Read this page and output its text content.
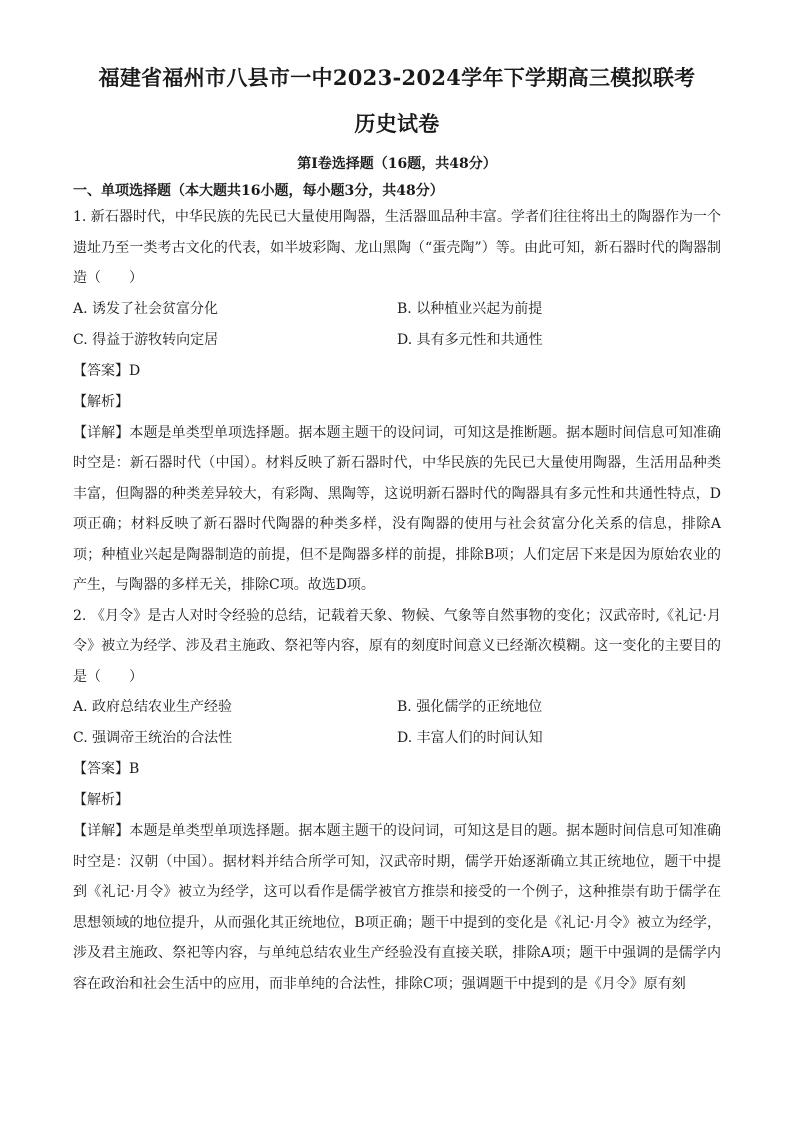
福建省福州市八县市一中2023-2024学年下学期高三模拟联考
历史试卷
第Ⅰ卷选择题（16题，共48分）
一、单项选择题（本大题共16小题，每小题3分，共48分）

1. 新石器时代，中华民族的先民已大量使用陶器，生活器皿品种丰富。学者们往往将出土的陶器作为一个遗址乃至一类考古文化的代表，如半坡彩陶、龙山黑陶（“蛋壳陶”）等。由此可知，新石器时代的陶器制造（　　）

A. 诱发了社会贫富分化	B. 以种植业兴起为前提
C. 得益于游牧转向定居	D. 具有多元性和共通性

【答案】D

【解析】

【详解】本题是单类型单项选择题。据本题主题干的设问词，可知这是推断题。据本题时间信息可知准确时空是：新石器时代（中国）。材料反映了新石器时代，中华民族的先民已大量使用陶器，生活用品种类丰富，但陶器的种类差异较大，有彩陶、黑陶等，这说明新石器时代的陶器具有多元性和共通性特点，D项正确；材料反映了新石器时代陶器的种类多样，没有陶器的使用与社会贫富分化关系的信息，排除A项；种植业兴起是陶器制造的前提，但不是陶器多样的前提，排除B项；人们定居下来是因为原始农业的产生，与陶器的多样无关，排除C项。故选D项。

2. 《月令》是古人对时令经验的总结，记载着天象、物候、气象等自然事物的变化；汉武帝时,《礼记·月令》被立为经学、涉及君主施政、祭祀等内容，原有的刻度时间意义已经渐次模糊。这一变化的主要目的是（　　）

A. 政府总结农业生产经验	B. 强化儒学的正统地位
C. 强调帝王统治的合法性	D. 丰富人们的时间认知

【答案】B

【解析】

【详解】本题是单类型单项选择题。据本题主题干的设问词，可知这是目的题。据本题时间信息可知准确时空是：汉朝（中国）。据材料并结合所学可知，汉武帝时期，儒学开始逐渐确立其正统地位，题干中提到《礼记·月令》被立为经学，这可以看作是儒学被官方推崇和接受的一个例子，这种推崇有助于儒学在思想领域的地位提升，从而强化其正统地位，B项正确；题干中提到的变化是《礼记·月令》被立为经学，涉及君主施政、祭祀等内容，与单纯总结农业生产经验没有直接关联，排除A项；题干中强调的是儒学内容在政治和社会生活中的应用，而非单纯的合法性，排除C项；强调题干中提到的是《月令》原有刻
